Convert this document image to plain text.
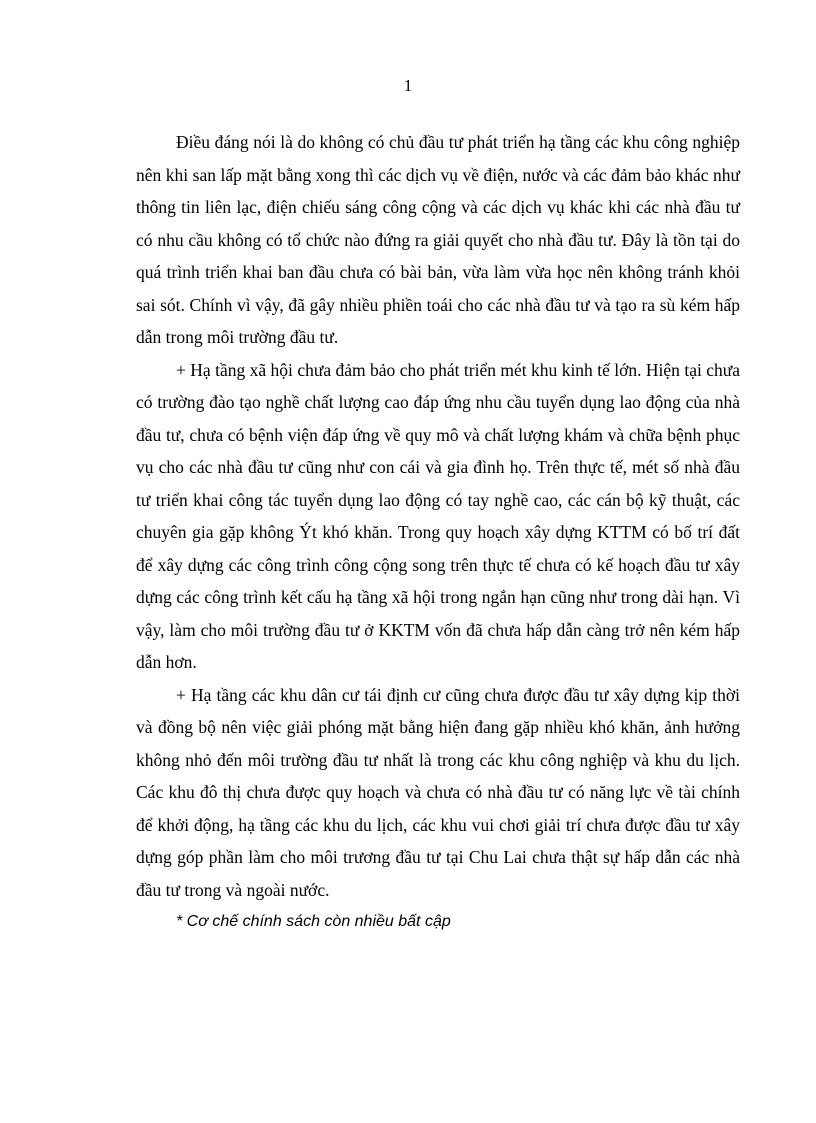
1

Điều đáng nói là do không có chủ đầu tư phát triển hạ tầng các khu công nghiệp nên khi san lấp mặt bằng xong thì các dịch vụ về điện, nước và các đảm bảo khác như thông tin liên lạc, điện chiếu sáng công cộng và các dịch vụ khác khi các nhà đầu tư có nhu cầu không có tổ chức nào đứng ra giải quyết cho nhà đầu tư. Đây là tồn tại do quá trình triển khai ban đầu chưa có bài bản, vừa làm vừa học nên không tránh khỏi sai sót. Chính vì vậy, đã gây nhiều phiền toái cho các nhà đầu tư và tạo ra sù kém hấp dẫn trong môi trường đầu tư.

+ Hạ tầng xã hội chưa đảm bảo cho phát triển mét khu kinh tế lớn. Hiện tại chưa có trường đào tạo nghề chất lượng cao đáp ứng nhu cầu tuyển dụng lao động của nhà đầu tư, chưa có bệnh viện đáp ứng về quy mô và chất lượng khám và chữa bệnh phục vụ cho các nhà đầu tư cũng như con cái và gia đình họ. Trên thực tế, mét số nhà đầu tư triển khai công tác tuyển dụng lao động có tay nghề cao, các cán bộ kỹ thuật, các chuyên gia gặp không Ýt khó khăn. Trong quy hoạch xây dựng KTTM có bố trí đất để xây dựng các công trình công cộng song trên thực tế chưa có kế hoạch đầu tư xây dựng các công trình kết cấu hạ tầng xã hội trong ngắn hạn cũng như trong dài hạn. Vì vậy, làm cho môi trường đầu tư ở KKTM vốn đã chưa hấp dẫn càng trở nên kém hấp dẫn hơn.

+ Hạ tầng các khu dân cư tái định cư cũng chưa được đầu tư xây dựng kịp thời và đồng bộ nên việc giải phóng mặt bằng hiện đang gặp nhiều khó khăn, ảnh hưởng không nhỏ đến môi trường đầu tư nhất là trong các khu công nghiệp và khu du lịch. Các khu đô thị chưa được quy hoạch và chưa có nhà đầu tư có năng lực về tài chính để khởi động, hạ tầng các khu du lịch, các khu vui chơi giải trí chưa được đầu tư xây dựng góp phần làm cho môi trương đầu tư tại Chu Lai chưa thật sự hấp dẫn các nhà đầu tư trong và ngoài nước.

* Cơ chế chính sách còn nhiều bất cập
